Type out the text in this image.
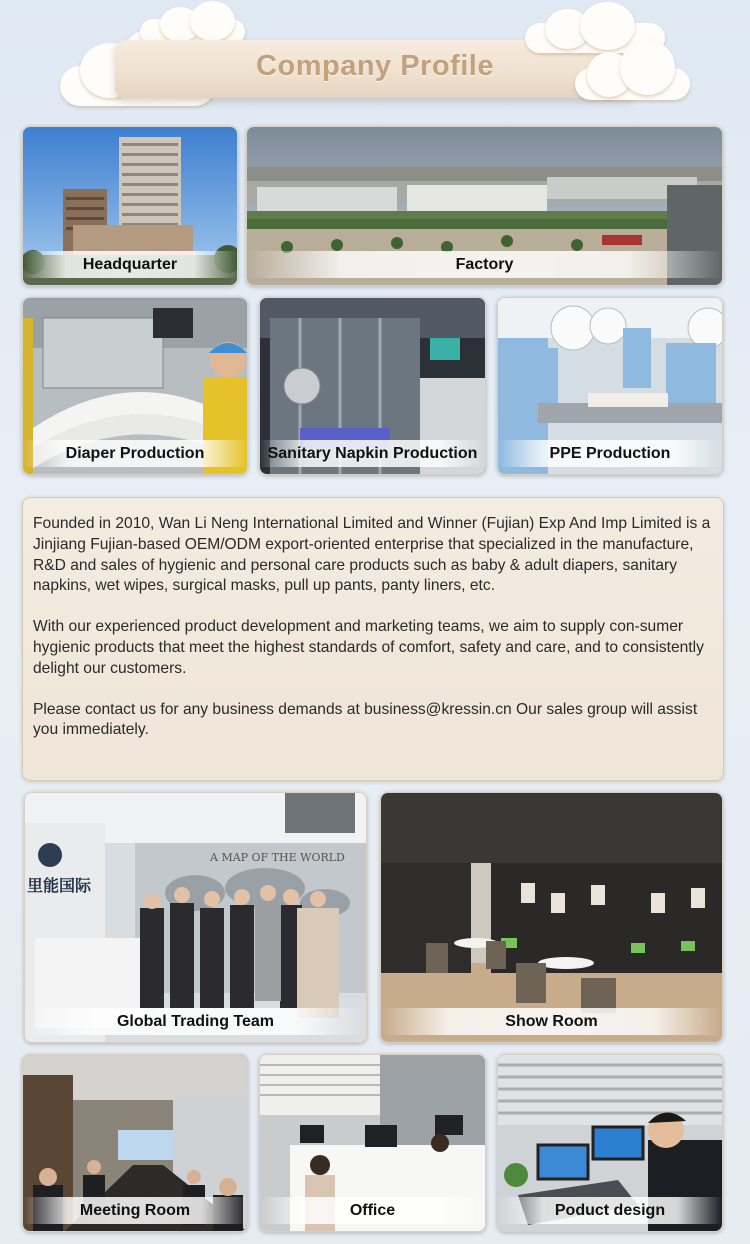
Company Profile
Headquarter	Factory
Diaper Production	Sanitary Napkin Production	PPE Production

Founded in 2010, Wan Li Neng International Limited and Winner (Fujian) Exp And Imp Limited is a Jinjiang Fujian-based OEM/ODM export-oriented enterprise that specialized in the manufacture, R&D and sales of hygienic and personal care products such as baby & adult diapers, sanitary napkins, wet wipes, surgical masks, pull up pants, panty liners, etc.

With our experienced product development and marketing teams, we aim to supply con-sumer hygienic products that meet the highest standards of comfort, safety and care, and to consistently delight our customers.

Please contact us for any business demands at business@kressin.cn Our sales group will assist you immediately.

A MAP OF THE WORLD
里能国际
Global Trading Team	Show Room
Meeting Room	Office	Poduct design
